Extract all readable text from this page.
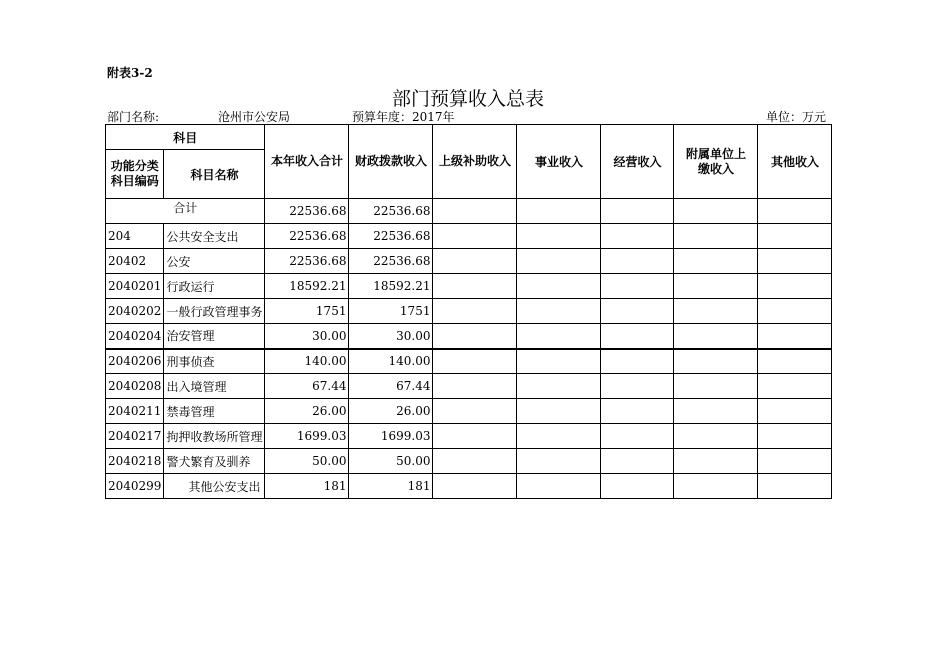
附表3-2
部门预算收入总表
部门名称:	沧州市公安局	预算年度：2017年	单位：万元
科目		本年收入合计	财政拨款收入	上级补助收入	事业收入	经营收入	附属单位上缴收入	其他收入
功能分类科目编码	科目名称							
合计		22536.68	22536.68					
204	公共安全支出	22536.68	22536.68					
20402	公安	22536.68	22536.68					
2040201	行政运行	18592.21	18592.21					
2040202	一般行政管理事务	1751	1751					
2040204	治安管理	30.00	30.00					
2040206	刑事侦查	140.00	140.00					
2040208	出入境管理	67.44	67.44					
2040211	禁毒管理	26.00	26.00					
2040217	拘押收教场所管理	1699.03	1699.03					
2040218	警犬繁育及驯养	50.00	50.00					
2040299	其他公安支出	181	181					
